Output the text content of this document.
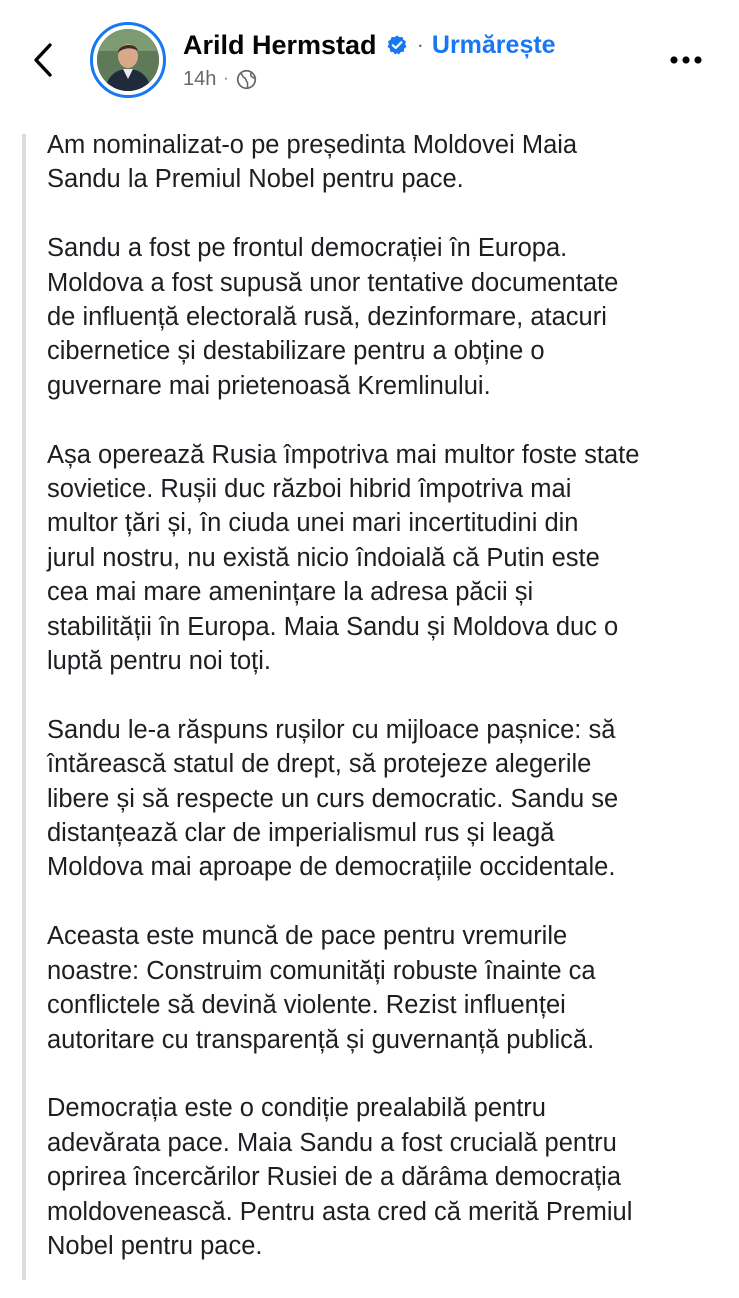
Arild Hermstad · Urmărește
14h ·

Am nominalizat-o pe președinta Moldovei Maia
Sandu la Premiul Nobel pentru pace.

Sandu a fost pe frontul democrației în Europa.
Moldova a fost supusă unor tentative documentate
de influență electorală rusă, dezinformare, atacuri
cibernetice și destabilizare pentru a obține o
guvernare mai prietenoasă Kremlinului.

Așa operează Rusia împotriva mai multor foste state
sovietice. Rușii duc război hibrid împotriva mai
multor țări și, în ciuda unei mari incertitudini din
jurul nostru, nu există nicio îndoială că Putin este
cea mai mare amenințare la adresa păcii și
stabilității în Europa. Maia Sandu și Moldova duc o
luptă pentru noi toți.

Sandu le-a răspuns rușilor cu mijloace pașnice: să
întărească statul de drept, să protejeze alegerile
libere și să respecte un curs democratic. Sandu se
distanțează clar de imperialismul rus și leagă
Moldova mai aproape de democrațiile occidentale.

Aceasta este muncă de pace pentru vremurile
noastre: Construim comunități robuste înainte ca
conflictele să devină violente. Rezist influenței
autoritare cu transparență și guvernanță publică.

Democrația este o condiție prealabilă pentru
adevărata pace. Maia Sandu a fost crucială pentru
oprirea încercărilor Rusiei de a dărâma democrația
moldovenească. Pentru asta cred că merită Premiul
Nobel pentru pace.
